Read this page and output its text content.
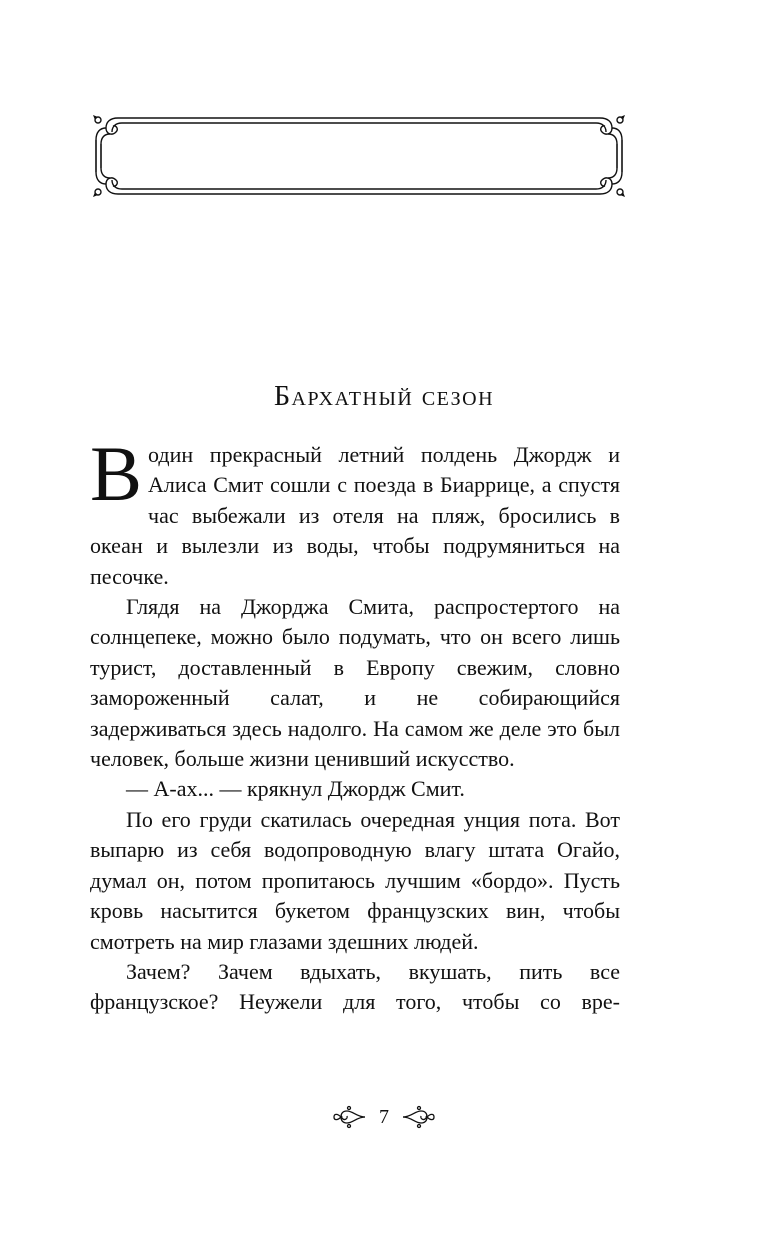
Бархатный сезон

Водин прекрасный летний полдень Джордж и Алиса Смит сошли с поезда в Биаррице, а спустя час выбежали из отеля на пляж, бросились в океан и вылезли из воды, чтобы подрумяниться на песочке.

Глядя на Джорджа Смита, распростертого на солнцепеке, можно было подумать, что он всего лишь турист, доставленный в Европу свежим, словно замороженный салат, и не собирающийся задерживаться здесь надолго. На самом же деле это был человек, больше жизни ценивший искусство.

— А-ах... — крякнул Джордж Смит.

По его груди скатилась очередная унция пота. Вот выпарю из себя водопроводную влагу штата Огайо, думал он, потом пропитаюсь лучшим «бордо». Пусть кровь насытится букетом французских вин, чтобы смотреть на мир глазами здешних людей.

Зачем? Зачем вдыхать, вкушать, пить все французское? Неужели для того, чтобы со вре-

7
